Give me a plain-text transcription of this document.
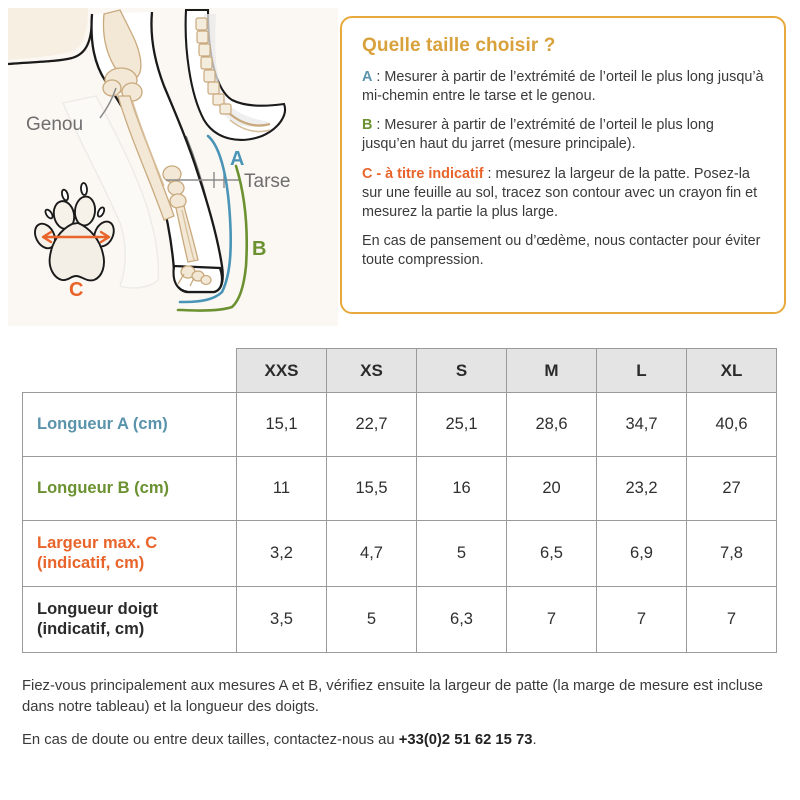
Genou
Tarse
A
B
C
Quelle taille choisir ?

A : Mesurer à partir de l’extrémité de l’orteil le plus long jusqu’à mi-chemin entre le tarse et le genou.

B : Mesurer à partir de l’extrémité de l’orteil le plus long jusqu’en haut du jarret (mesure principale).

C - à titre indicatif : mesurez la largeur de la patte. Posez-la sur une feuille au sol, tracez son contour avec un crayon fin et mesurez la partie la plus large.

En cas de pansement ou d’œdème, nous contacter pour éviter toute compression.

	XXS	XS	S	M	L	XL
Longueur A (cm)	15,1	22,7	25,1	28,6	34,7	40,6
Longueur B (cm)	11	15,5	16	20	23,2	27
Largeur max. C
(indicatif, cm)	3,2	4,7	5	6,5	6,9	7,8
Longueur doigt
(indicatif, cm)	3,5	5	6,3	7	7	7

Fiez-vous principalement aux mesures A et B, vérifiez ensuite la largeur de patte (la marge de mesure est incluse dans notre tableau) et la longueur des doigts.

En cas de doute ou entre deux tailles, contactez-nous au +33(0)2 51 62 15 73.
